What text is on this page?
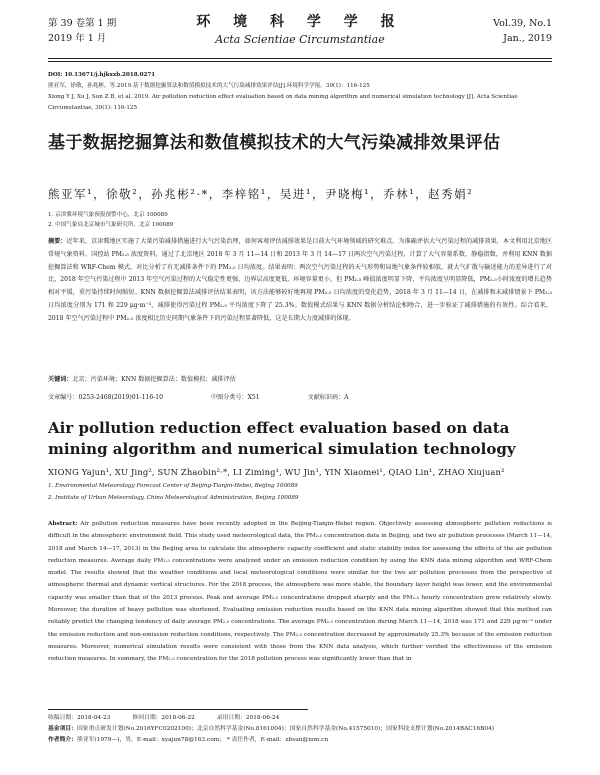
第 39 卷第 1 期
2019 年 1 月
环 境 科 学 学 报
Acta Scientiae Circumstantiae
Vol.39, No.1
Jan., 2019
DOI: 10.13671/j.hjkxxb.2018.0271
熊亚军，徐敬，孙兆彬，等.2019.基于数据挖掘算法和数值模拟技术的大气污染减排效果评估[J].环境科学学报，39(1)：116-125
Xiong Y J, Xu J, Sun Z B, et al. 2019. Air pollution reduction effect evaluation based on data mining algorithm and numerical simulation technology [J]. Acta Scientiae Circumstantiae, 39(1): 116-125
基于数据挖掘算法和数值模拟技术的大气污染减排效果评估
熊亚军¹，徐敬²，孙兆彬²·*，李梓铭¹，吴进¹，尹晓梅¹，乔林¹，赵秀娟²
1. 京津冀环境气象预报预警中心，北京 100089
2. 中国气象局北京城市气象研究所，北京 100089
摘要：近年来，京津冀地区实施了大量污染减排措施进行大气污染治理，如何客观评估减排效果是目前大气环境领域的研究难点。为准确评估大气污染过程的减排效果，本文利用北京地区常规气象资料、国控站 PM₂.₅ 浓度资料，通过了北京地区 2018 年 3 月 11—14 日和 2013 年 3 月 14—17 日两次空气污染过程，计算了大气容量系数、静稳指数，并利用 KNN 数据挖掘算法和 WRF-Chem 模式，对比分析了有无减排条件下的 PM₂.₅ 日均浓度。结果表明：两次空气污染过程的天气形势和局地气象条件较相似，就大气扩散与输送能力的差异进行了对比，2018 年空气污染过程中 2013 年空气污染过程的大气稳定性更强，边界层高度更低，环境容量更小，但 PM₂.₅ 峰值浓度明显下降，平均浓度呈明显降低，PM₂.₅小时浓度的增长趋势相对平缓，重污染持续时间缩短。KNN 数据挖掘算法减排评估结果表明，该方法能够较好地再现 PM₂.₅ 日均浓度的变化趋势，2018 年 3 月 11—14 日，在减排和未减排情景下 PM₂.₅ 日均浓度分别为 171 和 229 μg·m⁻³，减排使得污染过程 PM₂.₅ 平均浓度下降了 25.3%。数值模式结果与 KNN 数据分析结论相吻合，进一步验证了减排措施的有效性。综合看来，2018 年空气污染过程中 PM₂.₅ 浓度相比历史同期气象条件下的污染过程显著降低，这是长期大力度减排的体现。
关键词：北京；污染环境；KNN 数据挖掘算法；数值模拟；减排评估
文章编号：0253-2468(2019)01-116-10	中图分类号：X51	文献标识码：A
Air pollution reduction effect evaluation based on data mining algorithm and numerical simulation technology
XIONG Yajun¹, XU Jing², SUN Zhaobin²·*, LI Ziming¹, WU Jin¹, YIN Xiaomei¹, QIAO Lin¹, ZHAO Xiujuan²
1. Environmental Meteorology Forecast Center of Beijing-Tianjin-Hebei, Beijing 100089
2. Institute of Urban Meteorology, China Meteorological Administration, Beijing 100089
Abstract: Air pollution reduction measures have been recently adopted in the Beijing-Tianjin-Hebei region. Objectively assessing atmospheric pollution reductions is difficult in the atmospheric environment field. This study used meteorological data, the PM₂.₅ concentration data in Beijing, and two air pollution processes (March 11—14, 2018 and March 14—17, 2013) in the Beijing area to calculate the atmospheric capacity coefficient and static stability index for assessing the effects of the air pollution reduction measures. Average daily PM₂.₅ concentrations were analyzed under an emission reduction condition by using the KNN data mining algorithm and WRF-Chem model. The results showed that the weather conditions and local meteorological conditions were similar for the two air pollution processes from the perspective of atmospheric thermal and dynamic vertical structures. For the 2018 process, the atmosphere was more stable, the boundary layer height was lower, and the environmental capacity was smaller than that of the 2013 process. Peak and average PM₂.₅ concentrations dropped sharply and the PM₂.₅ hourly concentration grew relatively slowly. Moreover, the duration of heavy pollution was shortened. Evaluating emission reduction results based on the KNN data mining algorithm showed that this method can reliably predict the changing tendency of daily average PM₂.₅ concentrations. The average PM₂.₅ concentration during March 11—14, 2018 was 171 and 229 μg·m⁻³ under the emission reduction and non-emission reduction conditions, respectively. The PM₂.₅ concentration decreased by approximately 25.3% because of the emission reduction measures. Moreover, numerical simulation results were consistent with those from the KNN data analysis, which further verified the effectiveness of the emission reduction measures. In summary, the PM₂.₅ concentration for the 2018 pollution process was significantly lower than that in
收稿日期：2018-04-23	修回日期：2018-06-22	录用日期：2018-06-24
基金项目：国家重点研发计划(No.2016YFC0202100)；北京自然科学基金(No.8161004)；国家自然科学基金(No.41575010)；国家科技支撑计划(No.2014BAC16B04)
作者简介：熊亚军(1979—)，男，E-mail：xyajun78@163.com； * 责任作者，E-mail：zbsun@ium.cn
